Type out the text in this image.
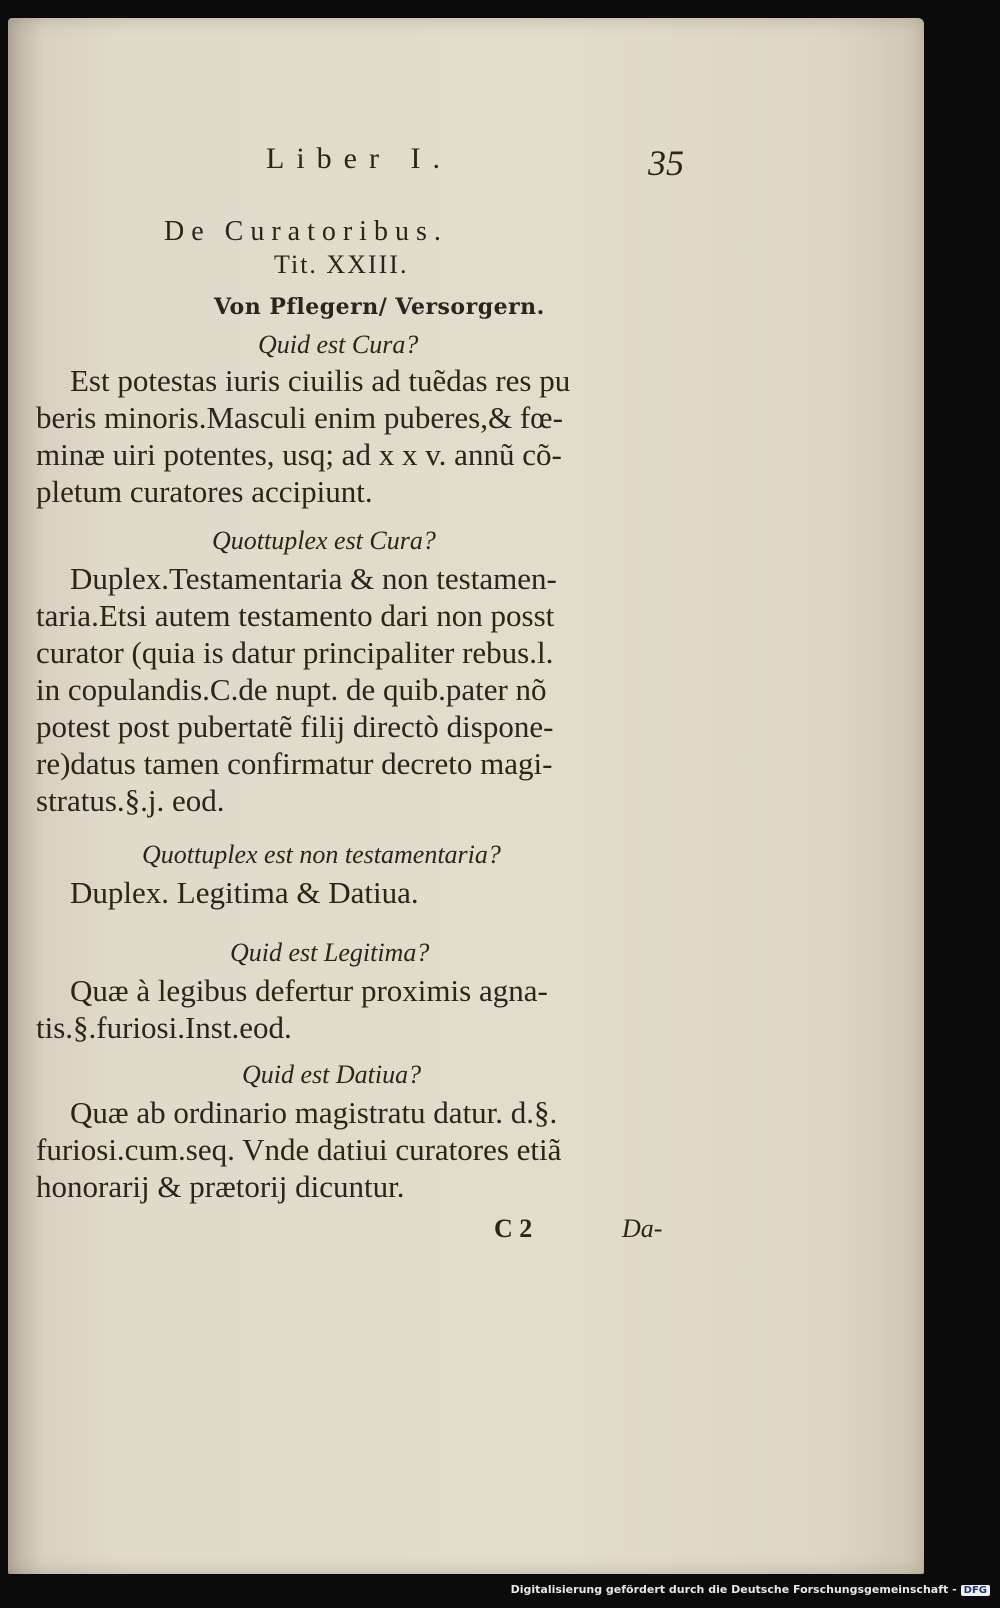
Liber I.	35
De Curatoribus.
Tit. XXIII.
Von Pflegern/ Versorgern.
Quid est Cura?
Est potestas iuris ciuilis ad tuẽdas res pu
beris minoris.Masculi enim puberes,& fœ-
minæ uiri potentes, usq; ad x x v. annũ cõ-
pletum curatores accipiunt.
Quottuplex est Cura?
Duplex.Testamentaria & non testamen-
taria.Etsi autem testamento dari non posst
curator (quia is datur principaliter rebus.l.
in copulandis.C.de nupt. de quib.pater nõ
potest post pubertatẽ filij directò dispone-
re)datus tamen confirmatur decreto magi-
stratus.§.j. eod.
Quottuplex est non testamentaria?
Duplex. Legitima & Datiua.
Quid est Legitima?
Quæ à legibus defertur proximis agna-
tis.§.furiosi.Inst.eod.
Quid est Datiua?
Quæ ab ordinario magistratu datur. d.§.
furiosi.cum.seq. Vnde datiui curatores etiã
honorarij & prætorij dicuntur.
C 2	Da-
Digitalisierung gefördert durch die Deutsche Forschungsgemeinschaft - DFG
